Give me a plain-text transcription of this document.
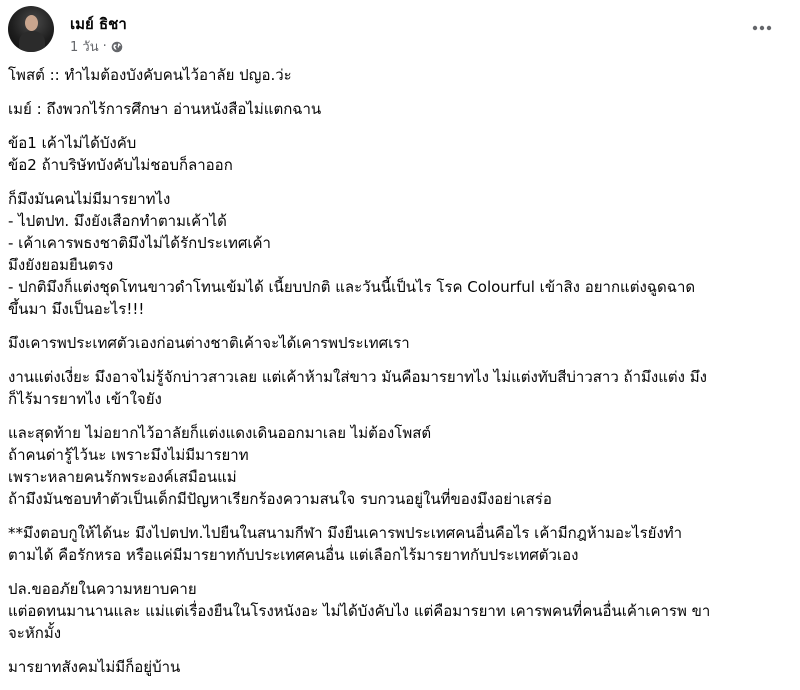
เมย์ ธิชา
1 วัน ·
โพสต์ :: ทำไมต้องบังคับคนไว้อาลัย ปญอ.ว่ะ
เมย์ : ถึงพวกไร้การศึกษา อ่านหนังสือไม่แตกฉาน
ข้อ1 เค้าไม่ได้บังคับ
ข้อ2 ถ้าบริษัทบังคับไม่ชอบก็ลาออก
ก็มึงมันคนไม่มีมารยาทไง
- ไปตปท. มึงยังเสือกทำตามเค้าได้
- เค้าเคารพธงชาติมึงไม่ได้รักประเทศเค้า
มึงยังยอมยืนตรง
- ปกติมึงก็แต่งชุดโทนขาวดำโทนเข้มได้ เนี้ยบปกติ และวันนี้เป็นไร โรค Colourful เข้าสิง อยากแต่งฉูดฉาด
ขึ้นมา มึงเป็นอะไร!!!
มึงเคารพประเทศตัวเองก่อนต่างชาติเค้าจะได้เคารพประเทศเรา
งานแต่งเงี่ยะ มึงอาจไม่รู้จักบ่าวสาวเลย แต่เค้าห้ามใส่ขาว มันคือมารยาทไง ไม่แต่งทับสีบ่าวสาว ถ้ามึงแต่ง มึง
ก็ไร้มารยาทไง เข้าใจยัง
และสุดท้าย ไม่อยากไว้อาลัยก็แต่งแดงเดินออกมาเลย ไม่ต้องโพสต์
ถ้าคนด่ารู้ไว้นะ เพราะมึงไม่มีมารยาท
เพราะหลายคนรักพระองค์เสมือนแม่
ถ้ามึงมันชอบทำตัวเป็นเด็กมีปัญหาเรียกร้องความสนใจ รบกวนอยู่ในที่ของมึงอย่าเสร่อ
**มึงตอบกูให้ได้นะ มึงไปตปท.ไปยืนในสนามกีฬา มึงยืนเคารพประเทศคนอื่นคือไร เค้ามีกฎห้ามอะไรยังทำ
ตามได้ คือรักหรอ หรือแค่มีมารยาทกับประเทศคนอื่น แต่เลือกไร้มารยาทกับประเทศตัวเอง
ปล.ขออภัยในความหยาบคาย
แต่อดทนมานานและ แม่แต่เรื่องยืนในโรงหนังอะ ไม่ได้บังคับไง แต่คือมารยาท เคารพคนที่คนอื่นเค้าเคารพ ขา
จะหักมั้ง
มารยาทสังคมไม่มีก็อยู่บ้าน
